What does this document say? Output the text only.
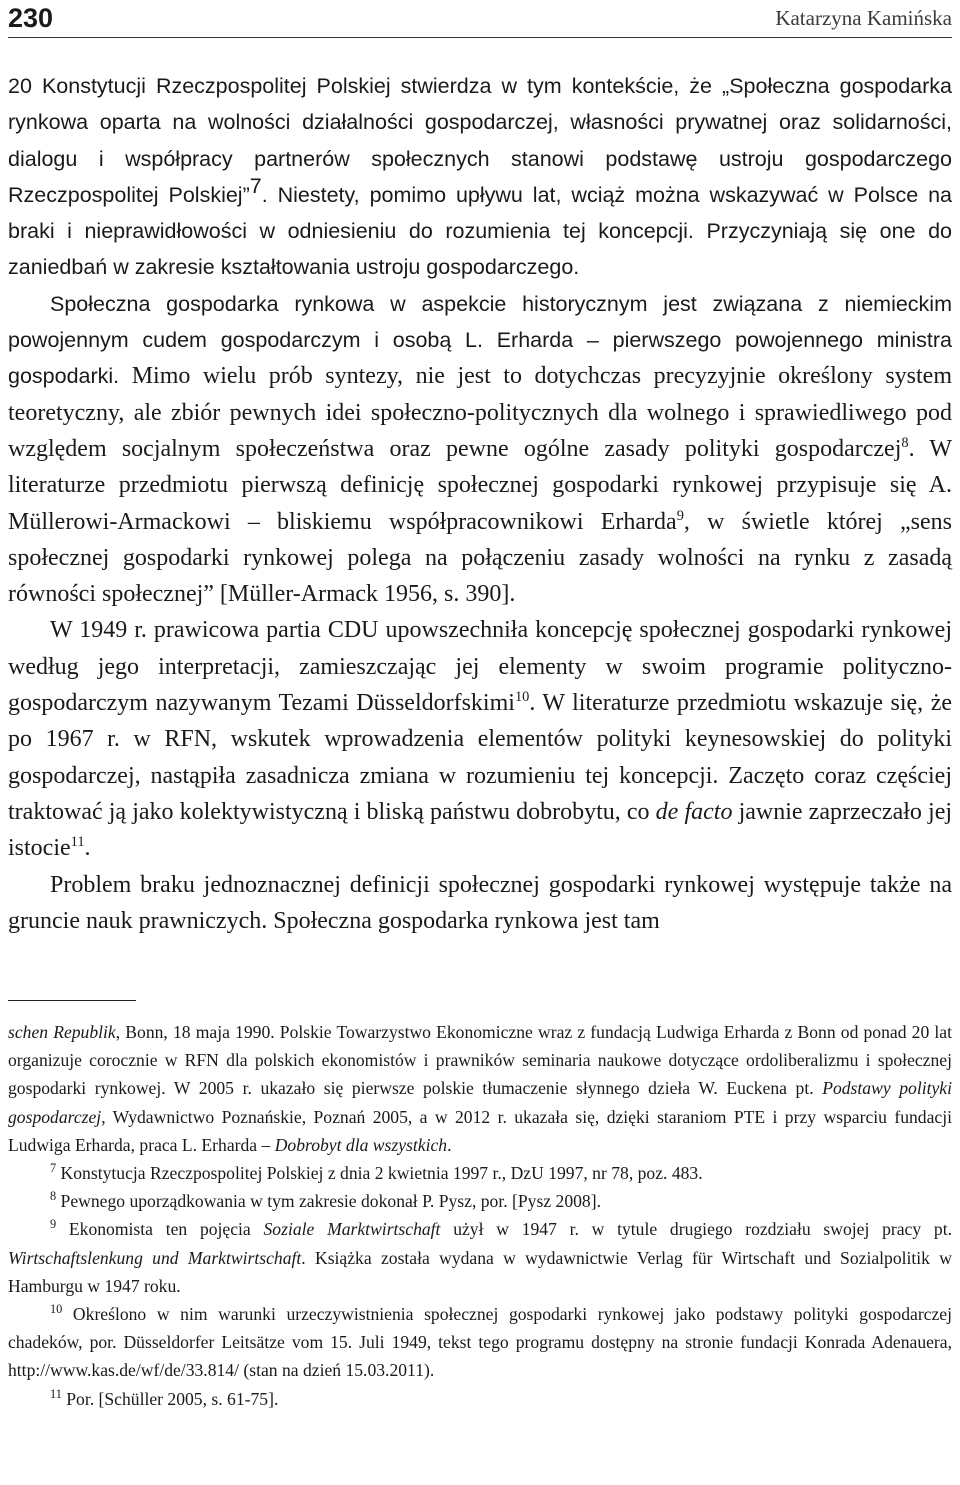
230	Katarzyna Kamińska

20 Konstytucji Rzeczpospolitej Polskiej stwierdza w tym kontekście, że „Społeczna gospodarka rynkowa oparta na wolności działalności gospodarczej, własności prywatnej oraz solidarności, dialogu i współpracy partnerów społecznych stanowi podstawę ustroju gospodarczego Rzeczpospolitej Polskiej”$^7$. Niestety, pomimo upływu lat, wciąż można wskazywać w Polsce na braki i nieprawidłowości w odniesieniu do rozumienia tej koncepcji. Przyczyniają się one do zaniedbań w zakresie kształtowania ustroju gospodarczego.

Społeczna gospodarka rynkowa w aspekcie historycznym jest związana z niemieckim powojennym cudem gospodarczym i osobą L. Erharda – pierwszego powojennego ministra gospodarki. Mimo wielu prób syntezy, nie jest to dotychczas precyzyjnie określony system teoretyczny, ale zbiór pewnych idei społeczno-politycznych dla wolnego i sprawiedliwego pod względem socjalnym społeczeństwa oraz pewne ogólne zasady polityki gospodarczej$^8$. W literaturze przedmiotu pierwszą definicję społecznej gospodarki rynkowej przypisuje się A. Müllerowi-Armackowi – bliskiemu współpracownikowi Erharda$^9$, w świetle której „sens społecznej gospodarki rynkowej polega na połączeniu zasady wolności na rynku z zasadą równości społecznej” [Müller-Armack 1956, s. 390].

W 1949 r. prawicowa partia CDU upowszechniła koncepcję społecznej gospodarki rynkowej według jego interpretacji, zamieszczając jej elementy w swoim programie polityczno-gospodarczym nazywanym Tezami Düsseldorfskimi$^{10}$. W literaturze przedmiotu wskazuje się, że po 1967 r. w RFN, wskutek wprowadzenia elementów polityki keynesowskiej do polityki gospodarczej, nastąpiła zasadnicza zmiana w rozumieniu tej koncepcji. Zaczęto coraz częściej traktować ją jako kolektywistyczną i bliską państwu dobrobytu, co de facto jawnie zaprzeczało jej istocie$^{11}$.

Problem braku jednoznacznej definicji społecznej gospodarki rynkowej występuje także na gruncie nauk prawniczych. Społeczna gospodarka rynkowa jest tam

schen Republik, Bonn, 18 maja 1990. Polskie Towarzystwo Ekonomiczne wraz z fundacją Ludwiga Erharda z Bonn od ponad 20 lat organizuje corocznie w RFN dla polskich ekonomistów i prawników seminaria naukowe dotyczące ordoliberalizmu i społecznej gospodarki rynkowej. W 2005 r. ukazało się pierwsze polskie tłumaczenie słynnego dzieła W. Euckena pt. Podstawy polityki gospodarczej, Wydawnictwo Poznańskie, Poznań 2005, a w 2012 r. ukazała się, dzięki staraniom PTE i przy wsparciu fundacji Ludwiga Erharda, praca L. Erharda – Dobrobyt dla wszystkich.

$^7$ Konstytucja Rzeczpospolitej Polskiej z dnia 2 kwietnia 1997 r., DzU 1997, nr 78, poz. 483.

$^8$ Pewnego uporządkowania w tym zakresie dokonał P. Pysz, por. [Pysz 2008].

$^9$ Ekonomista ten pojęcia Soziale Marktwirtschaft użył w 1947 r. w tytule drugiego rozdziału swojej pracy pt. Wirtschaftslenkung und Marktwirtschaft. Książka została wydana w wydawnictwie Verlag für Wirtschaft und Sozialpolitik w Hamburgu w 1947 roku.

$^{10}$ Określono w nim warunki urzeczywistnienia społecznej gospodarki rynkowej jako podstawy polityki gospodarczej chadeków, por. Düsseldorfer Leitsätze vom 15. Juli 1949, tekst tego programu dostępny na stronie fundacji Konrada Adenauera, http://www.kas.de/wf/de/33.814/ (stan na dzień 15.03.2011).

$^{11}$ Por. [Schüller 2005, s. 61-75].
